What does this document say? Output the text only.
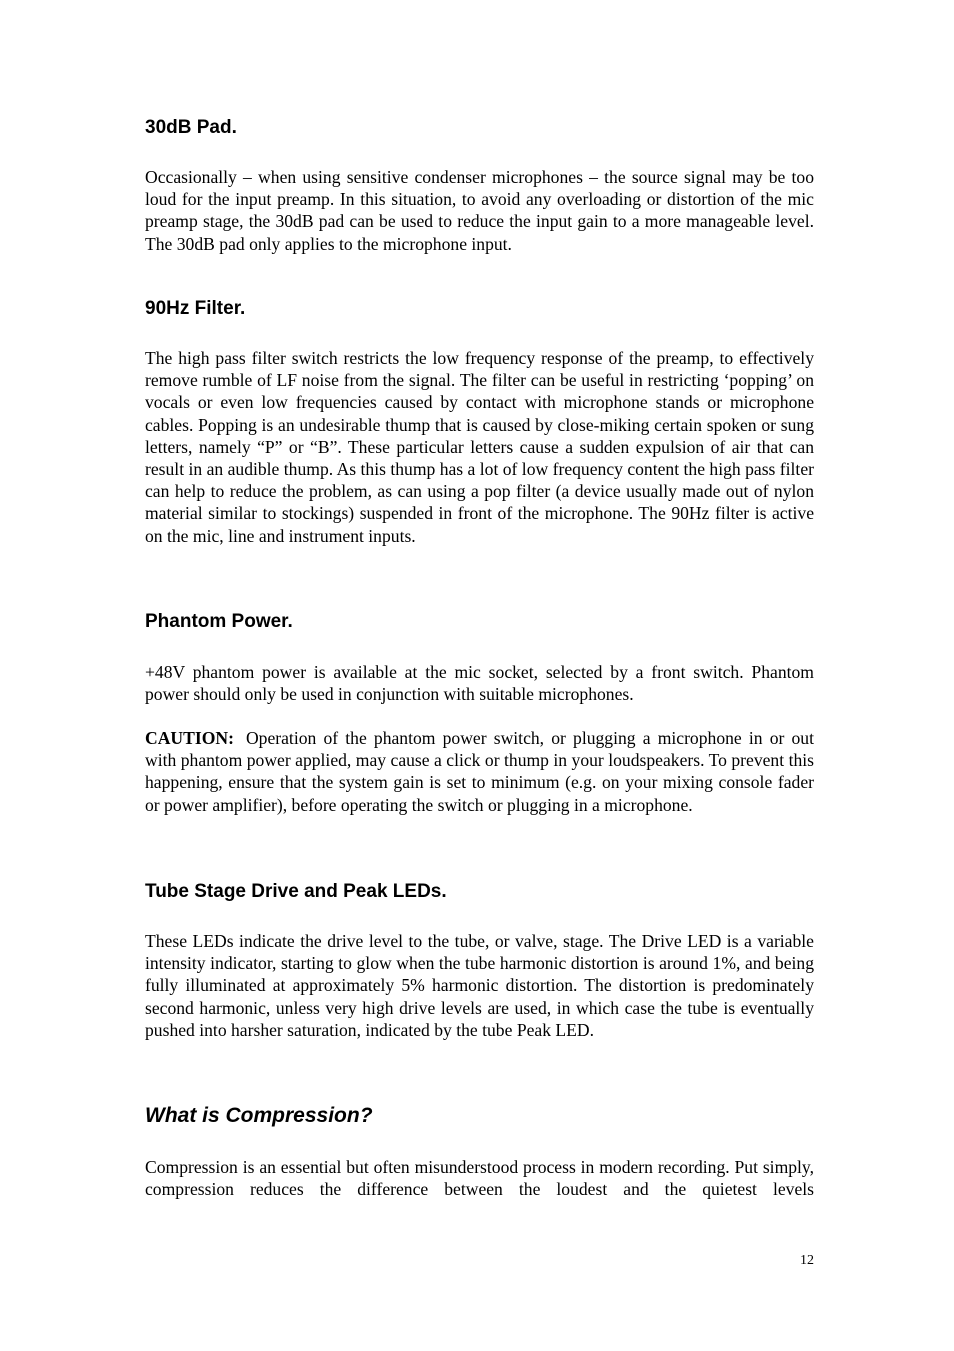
30dB Pad.

Occasionally – when using sensitive condenser microphones – the source signal may be too loud for the input preamp. In this situation, to avoid any overloading or distortion of the mic preamp stage, the 30dB pad can be used to reduce the input gain to a more manageable level. The 30dB pad only applies to the microphone input.

90Hz Filter.

The high pass filter switch restricts the low frequency response of the preamp, to effectively remove rumble of LF noise from the signal. The filter can be useful in restricting ‘popping’ on vocals or even low frequencies caused by contact with microphone stands or microphone cables. Popping is an undesirable thump that is caused by close-miking certain spoken or sung letters, namely “P” or “B”. These particular letters cause a sudden expulsion of air that can result in an audible thump. As this thump has a lot of low frequency content the high pass filter can help to reduce the problem, as can using a pop filter (a device usually made out of nylon material similar to stockings) suspended in front of the microphone. The 90Hz filter is active on the mic, line and instrument inputs.

Phantom Power.

+48V phantom power is available at the mic socket, selected by a front switch. Phantom power should only be used in conjunction with suitable microphones.

CAUTION: Operation of the phantom power switch, or plugging a microphone in or out with phantom power applied, may cause a click or thump in your loudspeakers. To prevent this happening, ensure that the system gain is set to minimum (e.g. on your mixing console fader or power amplifier), before operating the switch or plugging in a microphone.

Tube Stage Drive and Peak LEDs.

These LEDs indicate the drive level to the tube, or valve, stage. The Drive LED is a variable intensity indicator, starting to glow when the tube harmonic distortion is around 1%, and being fully illuminated at approximately 5% harmonic distortion. The distortion is predominately second harmonic, unless very high drive levels are used, in which case the tube is eventually pushed into harsher saturation, indicated by the tube Peak LED.

What is Compression?

Compression is an essential but often misunderstood process in modern recording. Put simply, compression reduces the difference between the loudest and the quietest levels

12
